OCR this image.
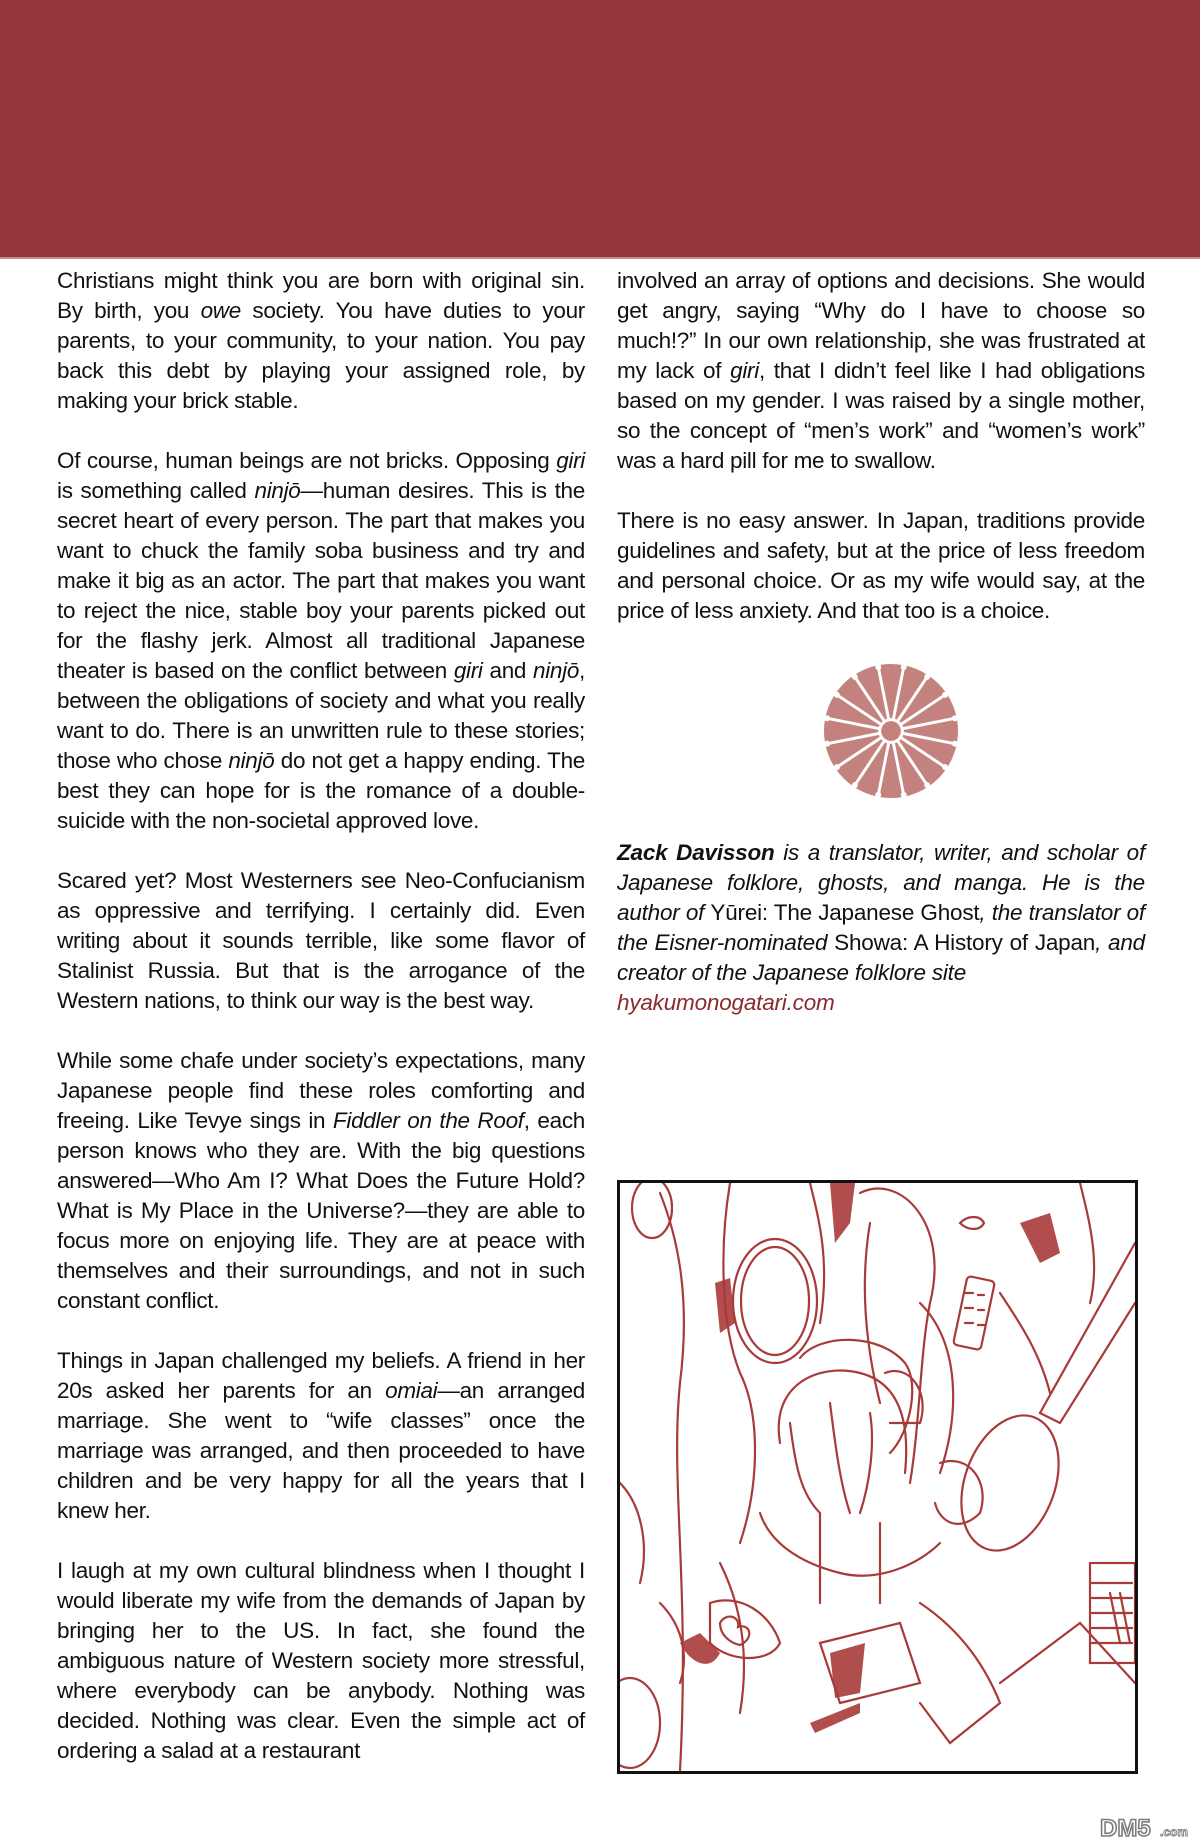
Christians might think you are born with original sin. By birth, you owe society. You have duties to your parents, to your community, to your nation. You pay back this debt by playing your assigned role, by making your brick stable.

Of course, human beings are not bricks. Opposing giri is something called ninjō—human desires. This is the secret heart of every person. The part that makes you want to chuck the family soba business and try and make it big as an actor. The part that makes you want to reject the nice, stable boy your parents picked out for the flashy jerk. Almost all traditional Japanese theater is based on the conflict between giri and ninjō, between the obligations of society and what you really want to do. There is an unwritten rule to these stories; those who chose ninjō do not get a happy ending. The best they can hope for is the romance of a double-suicide with the non-societal approved love.

Scared yet? Most Westerners see Neo-Confucianism as oppressive and terrifying. I certainly did. Even writing about it sounds terrible, like some flavor of Stalinist Russia. But that is the arrogance of the Western nations, to think our way is the best way.

While some chafe under society’s expectations, many Japanese people find these roles comforting and freeing. Like Tevye sings in Fiddler on the Roof, each person knows who they are. With the big questions answered—Who Am I? What Does the Future Hold? What is My Place in the Universe?—they are able to focus more on enjoying life. They are at peace with themselves and their surroundings, and not in such constant conflict.

Things in Japan challenged my beliefs. A friend in her 20s asked her parents for an omiai—an arranged marriage. She went to “wife classes” once the marriage was arranged, and then proceeded to have children and be very happy for all the years that I knew her.

I laugh at my own cultural blindness when I thought I would liberate my wife from the demands of Japan by bringing her to the US. In fact, she found the ambiguous nature of Western society more stressful, where everybody can be anybody. Nothing was decided. Nothing was clear. Even the simple act of ordering a salad at a restaurant

involved an array of options and decisions. She would get angry, saying “Why do I have to choose so much!?” In our own relationship, she was frustrated at my lack of giri, that I didn’t feel like I had obligations based on my gender. I was raised by a single mother, so the concept of “men’s work” and “women’s work” was a hard pill for me to swallow.

There is no easy answer. In Japan, traditions provide guidelines and safety, but at the price of less freedom and personal choice. Or as my wife would say, at the price of less anxiety. And that too is a choice.

Zack Davisson is a translator, writer, and scholar of Japanese folklore, ghosts, and manga. He is the author of Yūrei: The Japanese Ghost, the translator of the Eisner-nominated Showa: A History of Japan, and creator of the Japanese folklore site
hyakumonogatari.com
DM5 .com
